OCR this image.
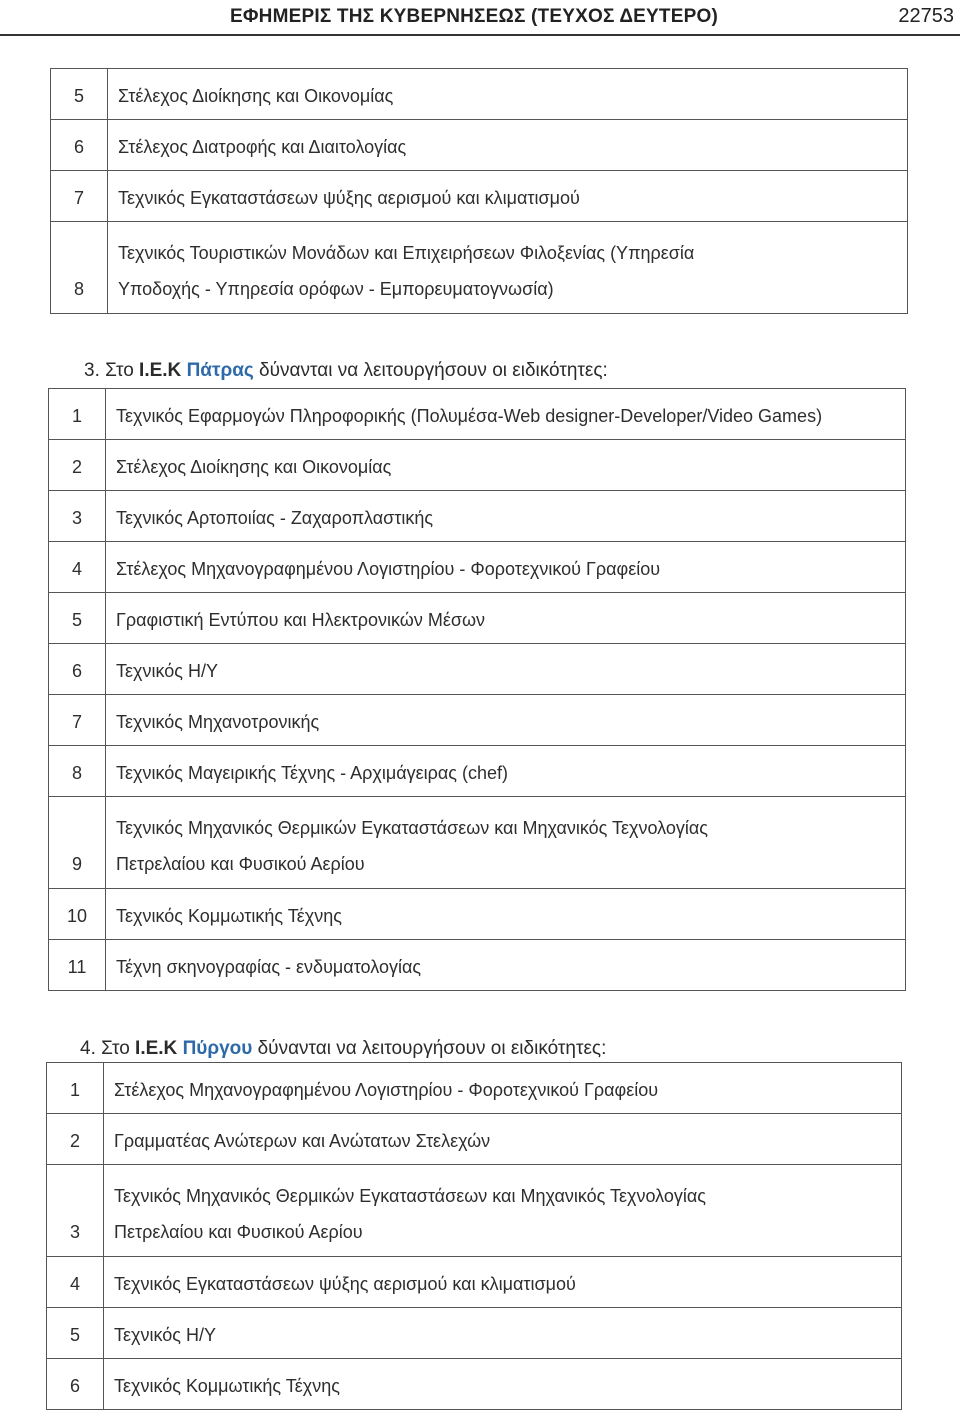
ΕΦΗΜΕΡΙΣ ΤΗΣ ΚΥΒΕΡΝΗΣΕΩΣ (ΤΕΥΧΟΣ ΔΕΥΤΕΡΟ)	22753
5	Στέλεχος Διοίκησης και Οικονομίας

6	Στέλεχος Διατροφής και Διαιτολογίας

7	Τεχνικός Εγκαταστάσεων ψύξης αερισμού και κλιματισμού

8	Τεχνικός Τουριστικών Μονάδων και Επιχειρήσεων Φιλοξενίας (Υπηρεσία
Υποδοχής - Υπηρεσία ορόφων - Εμπορευματογνωσία)
3. Στο Ι.Ε.Κ Πάτρας δύνανται να λειτουργήσουν οι ειδικότητες:
1	Τεχνικός Εφαρμογών Πληροφορικής (Πολυμέσα-Web designer-Developer/Video Games)

2	Στέλεχος Διοίκησης και Οικονομίας

3	Τεχνικός Αρτοποιίας - Ζαχαροπλαστικής

4	Στέλεχος Μηχανογραφημένου Λογιστηρίου - Φοροτεχνικού Γραφείου

5	Γραφιστική Εντύπου και Ηλεκτρονικών Μέσων

6	Τεχνικός Η/Υ

7	Τεχνικός Μηχανοτρονικής

8	Τεχνικός Μαγειρικής Τέχνης - Αρχιμάγειρας (chef)

9	Τεχνικός Μηχανικός Θερμικών Εγκαταστάσεων και Μηχανικός Τεχνολογίας
Πετρελαίου και Φυσικού Αερίου

10	Τεχνικός Κομμωτικής Τέχνης

11	Τέχνη σκηνογραφίας - ενδυματολογίας
4. Στο Ι.Ε.Κ Πύργου δύνανται να λειτουργήσουν οι ειδικότητες:
1	Στέλεχος Μηχανογραφημένου Λογιστηρίου - Φοροτεχνικού Γραφείου

2	Γραμματέας Ανώτερων και Ανώτατων Στελεχών

3	Τεχνικός Μηχανικός Θερμικών Εγκαταστάσεων και Μηχανικός Τεχνολογίας
Πετρελαίου και Φυσικού Αερίου

4	Τεχνικός Εγκαταστάσεων ψύξης αερισμού και κλιματισμού

5	Τεχνικός Η/Υ

6	Τεχνικός Κομμωτικής Τέχνης
